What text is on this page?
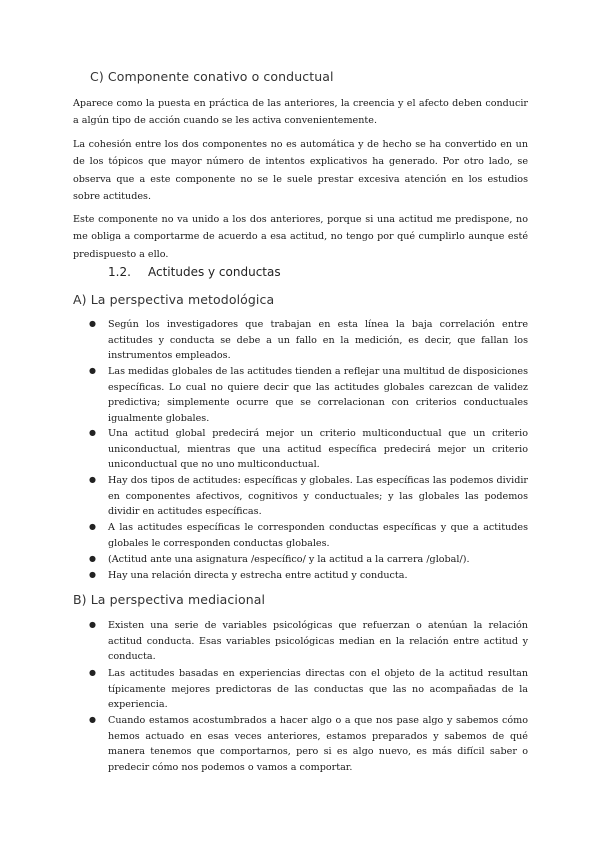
C) Componente conativo o conductual
Aparece como la puesta en práctica de las anteriores, la creencia y el afecto deben conducir a algún tipo de acción cuando se les activa convenientemente.
La cohesión entre los dos componentes no es automática y de hecho se ha convertido en un de los tópicos que mayor número de intentos explicativos ha generado. Por otro lado, se observa que a este componente no se le suele prestar excesiva atención en los estudios sobre actitudes.
Este componente no va unido a los dos anteriores, porque si una actitud me predispone, no me obliga a comportarme de acuerdo a esa actitud, no tengo por qué cumplirlo aunque esté predispuesto a ello.
1.2. Actitudes y conductas
A) La perspectiva metodológica
● Según los investigadores que trabajan en esta línea la baja correlación entre actitudes y conducta se debe a un fallo en la medición, es decir, que fallan los instrumentos empleados.
● Las medidas globales de las actitudes tienden a reflejar una multitud de disposiciones específicas. Lo cual no quiere decir que las actitudes globales carezcan de validez predictiva; simplemente ocurre que se correlacionan con criterios conductuales igualmente globales.
● Una actitud global predecirá mejor un criterio multiconductual que un criterio uniconductual, mientras que una actitud específica predecirá mejor un criterio uniconductual que no uno multiconductual.
● Hay dos tipos de actitudes: específicas y globales. Las específicas las podemos dividir en componentes afectivos, cognitivos y conductuales; y las globales las podemos dividir en actitudes específicas.
● A las actitudes específicas le corresponden conductas específicas y que a actitudes globales le corresponden conductas globales.
● (Actitud ante una asignatura /específico/ y la actitud a la carrera /global/).
● Hay una relación directa y estrecha entre actitud y conducta.
B) La perspectiva mediacional
● Existen una serie de variables psicológicas que refuerzan o atenúan la relación actitud conducta. Esas variables psicológicas median en la relación entre actitud y conducta.
● Las actitudes basadas en experiencias directas con el objeto de la actitud resultan típicamente mejores predictoras de las conductas que las no acompañadas de la experiencia.
● Cuando estamos acostumbrados a hacer algo o a que nos pase algo y sabemos cómo hemos actuado en esas veces anteriores, estamos preparados y sabemos de qué manera tenemos que comportarnos, pero si es algo nuevo, es más difícil saber o predecir cómo nos podemos o vamos a comportar.
